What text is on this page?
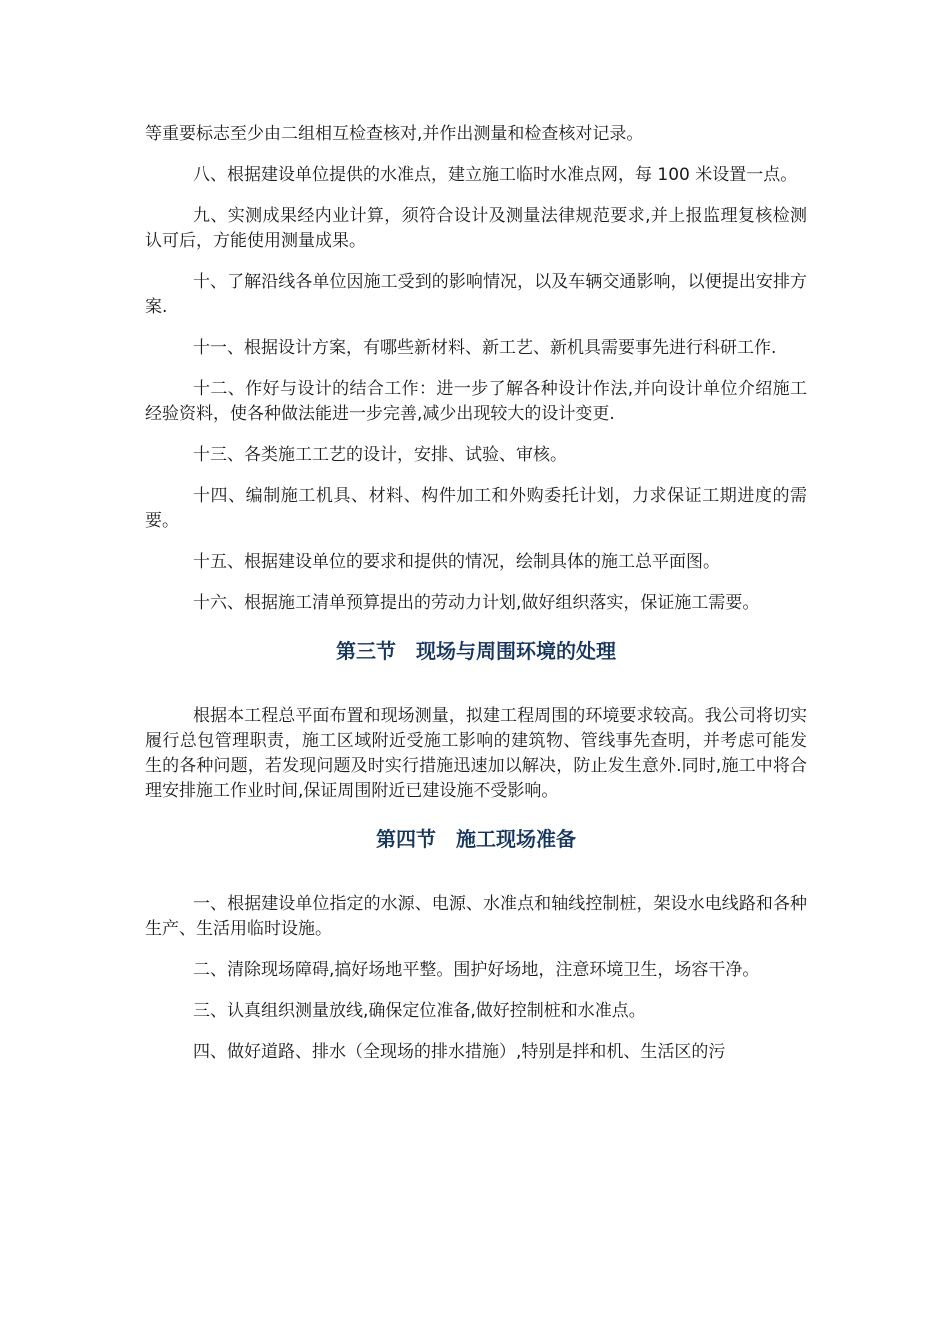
等重要标志至少由二组相互检查核对,并作出测量和检查核对记录。

八、根据建设单位提供的水准点，建立施工临时水准点网，每 100 米设置一点。

九、实测成果经内业计算，须符合设计及测量法律规范要求,并上报监理复核检测认可后，方能使用测量成果。

十、了解沿线各单位因施工受到的影响情况，以及车辆交通影响，以便提出安排方案.

十一、根据设计方案，有哪些新材料、新工艺、新机具需要事先进行科研工作.

十二、作好与设计的结合工作：进一步了解各种设计作法,并向设计单位介绍施工经验资料，使各种做法能进一步完善,减少出现较大的设计变更.

十三、各类施工工艺的设计，安排、试验、审核。

十四、编制施工机具、材料、构件加工和外购委托计划，力求保证工期进度的需要。

十五、根据建设单位的要求和提供的情况，绘制具体的施工总平面图。

十六、根据施工清单预算提出的劳动力计划,做好组织落实，保证施工需要。

第三节　现场与周围环境的处理

根据本工程总平面布置和现场测量，拟建工程周围的环境要求较高。我公司将切实履行总包管理职责，施工区域附近受施工影响的建筑物、管线事先查明，并考虑可能发生的各种问题，若发现问题及时实行措施迅速加以解决，防止发生意外.同时,施工中将合理安排施工作业时间,保证周围附近已建设施不受影响。

第四节　施工现场准备

一、根据建设单位指定的水源、电源、水准点和轴线控制桩，架设水电线路和各种生产、生活用临时设施。

二、清除现场障碍,搞好场地平整。围护好场地，注意环境卫生，场容干净。

三、认真组织测量放线,确保定位准备,做好控制桩和水准点。

四、做好道路、排水（全现场的排水措施）,特别是拌和机、生活区的污
